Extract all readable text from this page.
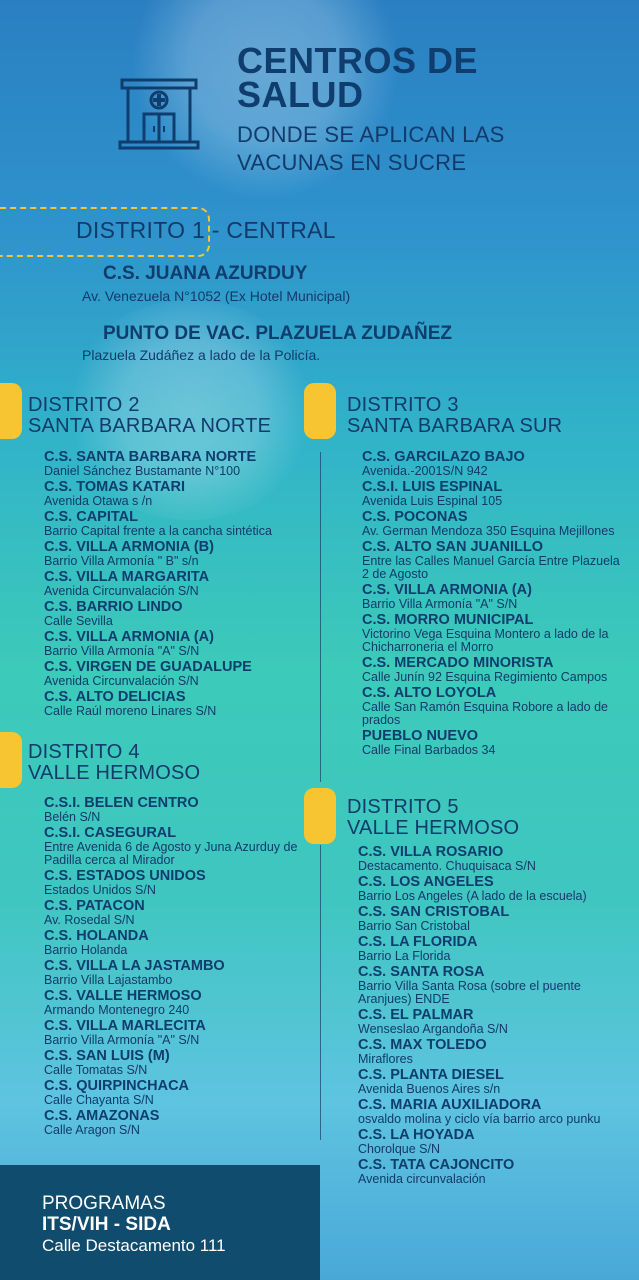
CENTROS DE
SALUD
DONDE SE APLICAN LAS
VACUNAS EN SUCRE
DISTRITO 1 - CENTRAL
C.S. JUANA AZURDUY
Av. Venezuela N°1052 (Ex Hotel Municipal)
PUNTO DE VAC. PLAZUELA ZUDAÑEZ
Plazuela Zudáñez a lado de la Policía.
DISTRITO 2
SANTA BARBARA NORTE
C.S. SANTA BARBARA NORTE
Daniel Sánchez Bustamante N°100
C.S. TOMAS KATARI
Avenida Otawa s /n
C.S. CAPITAL
Barrio Capital frente a la cancha sintética
C.S. VILLA ARMONIA (B)
Barrio Villa Armonía " B" s/n
C.S. VILLA MARGARITA
Avenida Circunvalación S/N
C.S. BARRIO LINDO
Calle Sevilla
C.S. VILLA ARMONIA (A)
Barrio Villa Armonía "A" S/N
C.S. VIRGEN DE GUADALUPE
Avenida Circunvalación S/N
C.S. ALTO DELICIAS
Calle Raúl moreno Linares S/N
DISTRITO 3
SANTA BARBARA SUR
C.S. GARCILAZO BAJO
Avenida.-2001S/N 942
C.S.I. LUIS ESPINAL
Avenida Luis Espinal 105
C.S. POCONAS
Av. German Mendoza 350 Esquina Mejillones
C.S. ALTO SAN JUANILLO
Entre las Calles Manuel García Entre Plazuela 2 de Agosto
C.S. VILLA ARMONIA (A)
Barrio Villa Armonía "A" S/N
C.S. MORRO MUNICIPAL
Victorino Vega Esquina Montero a lado de la Chicharroneria el Morro
C.S. MERCADO MINORISTA
Calle Junín 92 Esquina Regimiento Campos
C.S. ALTO LOYOLA
Calle San Ramón Esquina Robore a lado de prados
PUEBLO NUEVO
Calle Final Barbados 34
DISTRITO 4
VALLE HERMOSO
C.S.I. BELEN CENTRO
Belén S/N
C.S.I. CASEGURAL
Entre Avenida 6 de Agosto y Juna Azurduy de Padilla cerca al Mirador
C.S. ESTADOS UNIDOS
Estados Unidos S/N
C.S. PATACON
Av. Rosedal S/N
C.S. HOLANDA
Barrio Holanda
C.S. VILLA LA JASTAMBO
Barrio Villa Lajastambo
C.S. VALLE HERMOSO
Armando Montenegro 240
C.S. VILLA MARLECITA
Barrio Villa Armonía "A" S/N
C.S. SAN LUIS (M)
Calle Tomatas S/N
C.S. QUIRPINCHACA
Calle Chayanta S/N
C.S. AMAZONAS
Calle Aragon S/N
DISTRITO 5
VALLE HERMOSO
C.S. VILLA ROSARIO
Destacamento. Chuquisaca S/N
C.S. LOS ANGELES
Barrio Los Angeles (A lado de la escuela)
C.S. SAN CRISTOBAL
Barrio San Cristobal
C.S. LA FLORIDA
Barrio La Florida
C.S. SANTA ROSA
Barrio Villa Santa Rosa (sobre el puente Aranjues) ENDE
C.S. EL PALMAR
Wenseslao Argandoña S/N
C.S. MAX TOLEDO
Miraflores
C.S. PLANTA DIESEL
Avenida Buenos Aires s/n
C.S. MARIA AUXILIADORA
osvaldo molina y ciclo vía barrio arco punku
C.S. LA HOYADA
Chorolque S/N
C.S. TATA CAJONCITO
Avenida circunvalación
PROGRAMAS
ITS/VIH - SIDA
Calle Destacamento 111
